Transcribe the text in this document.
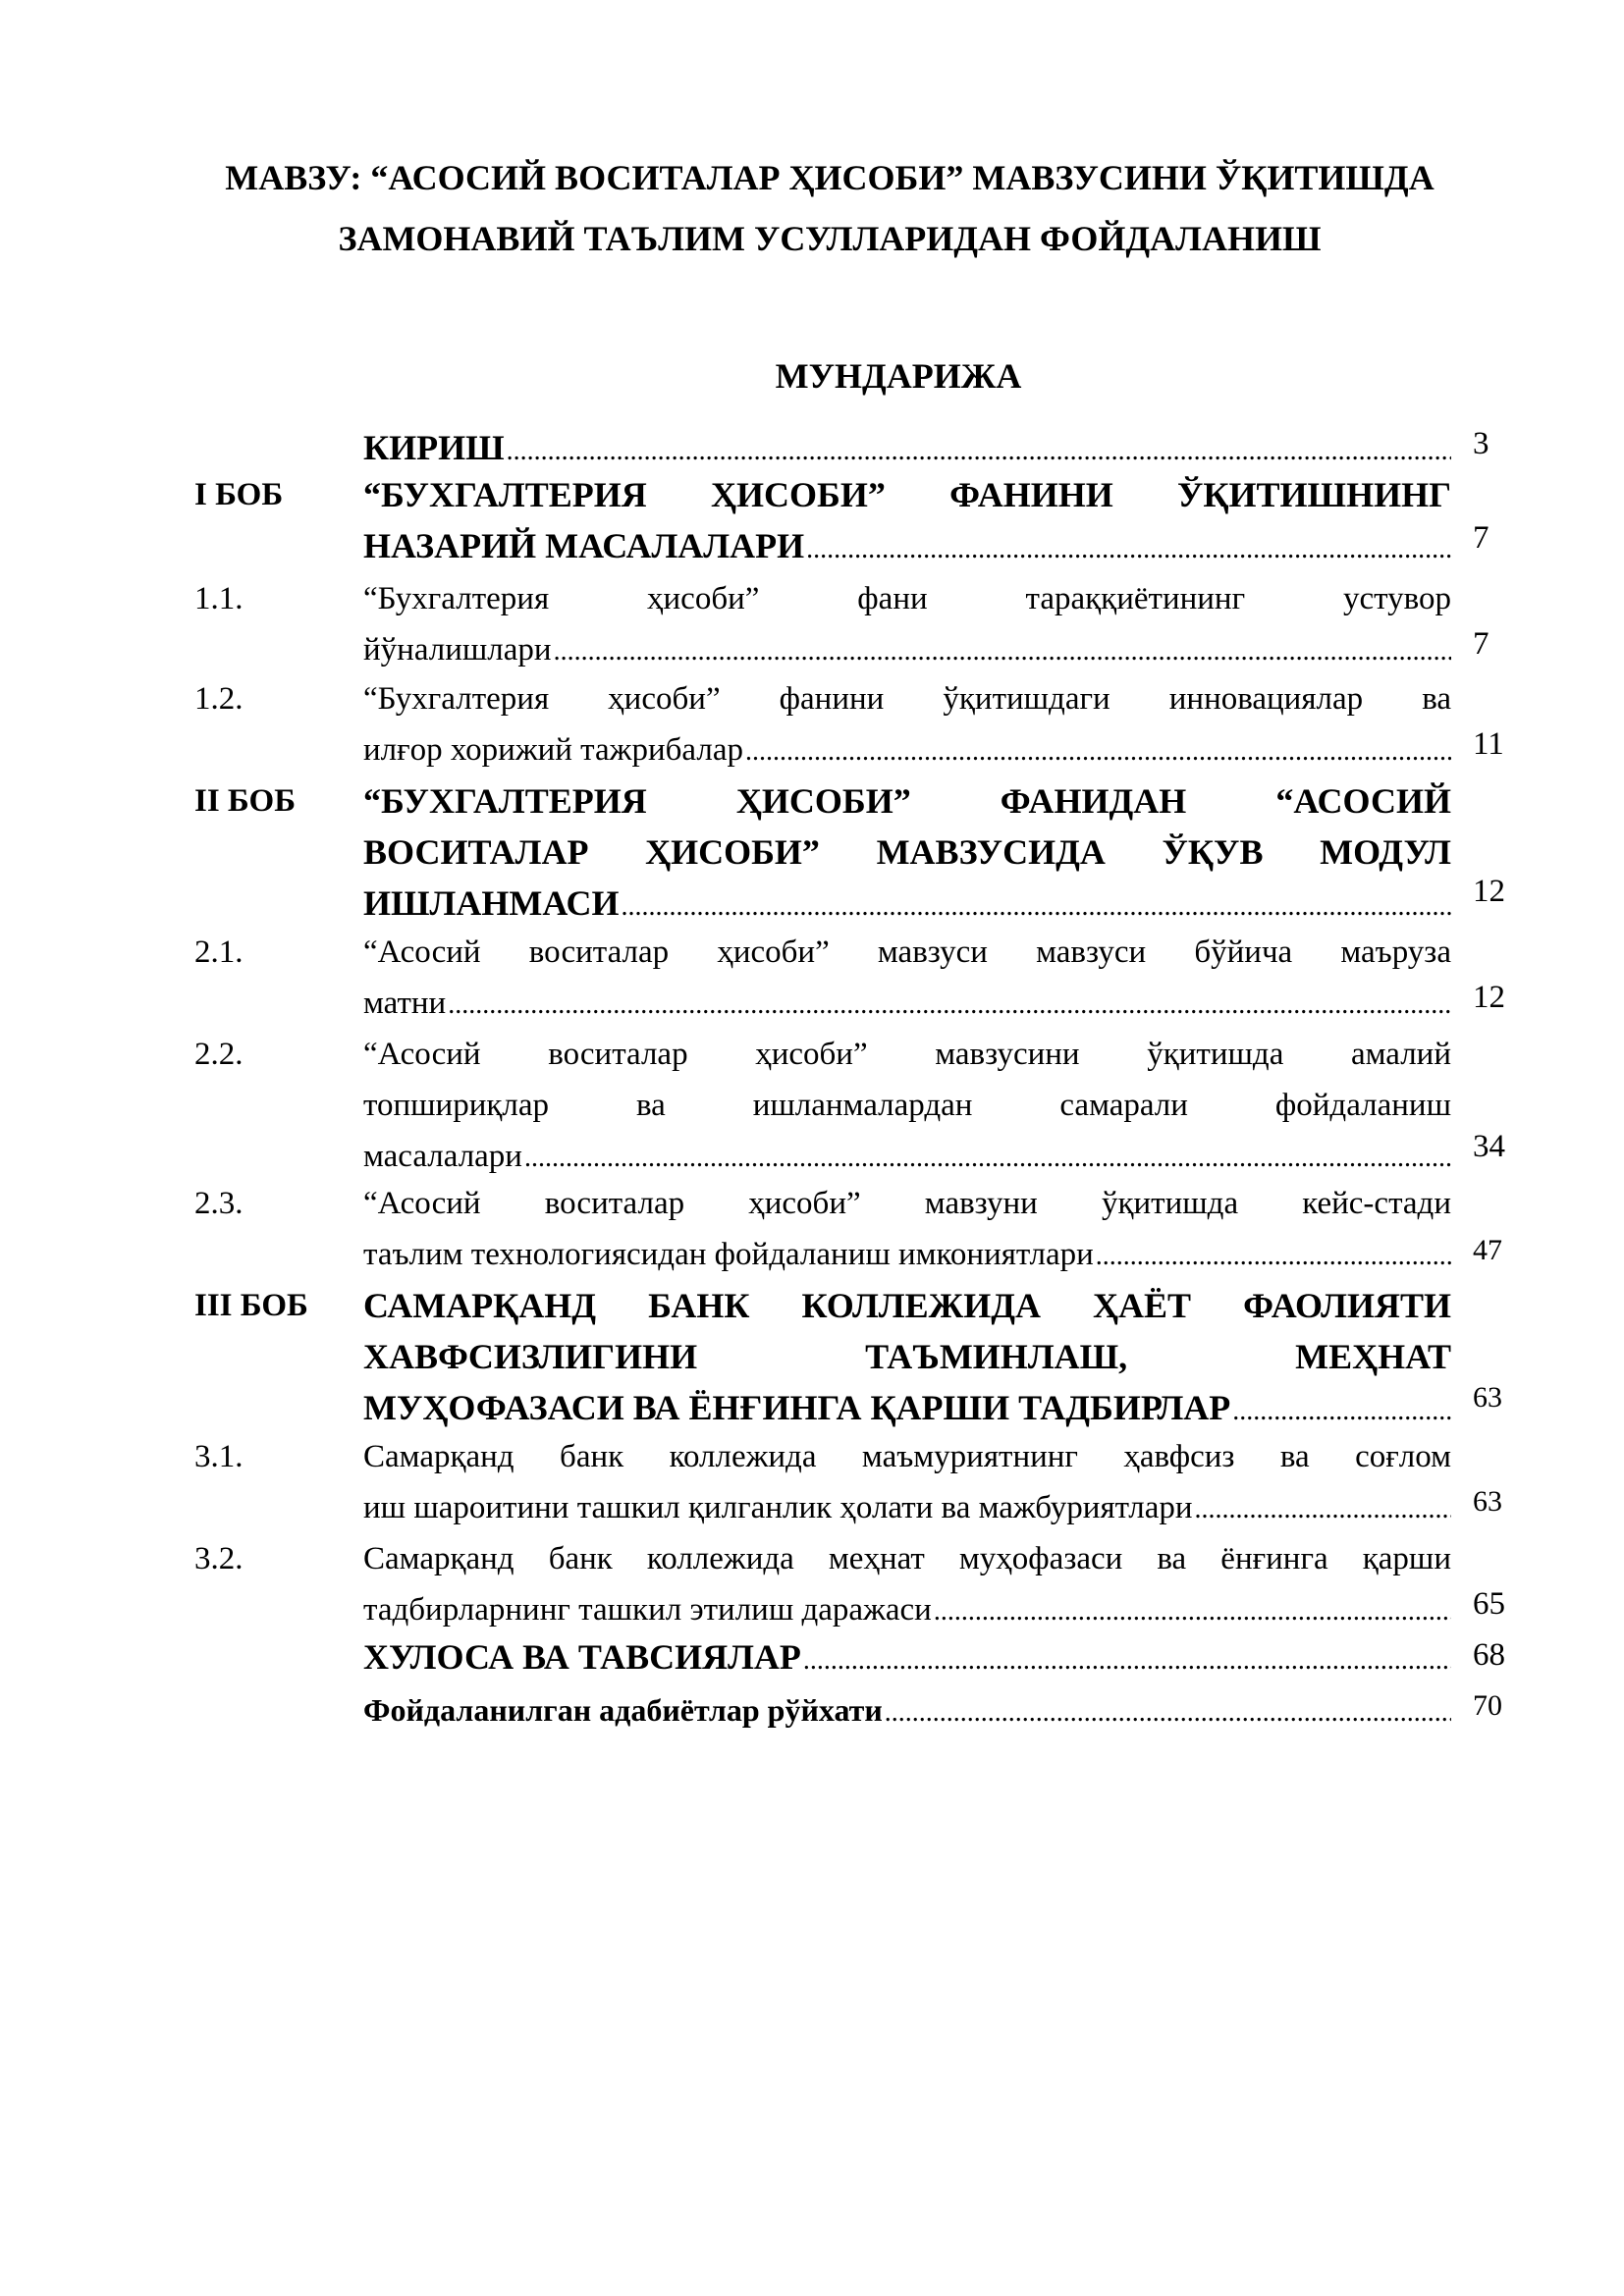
МАВЗУ: “АСОСИЙ ВОСИТАЛАР ҲИСОБИ” МАВЗУСИНИ ЎҚИТИШДА
ЗАМОНАВИЙ ТАЪЛИМ УСУЛЛАРИДАН ФОЙДАЛАНИШ
МУНДАРИЖА
КИРИШ .....	3
I БОБ “БУХГАЛТЕРИЯ ҲИСОБИ” ФАНИНИ ЎҚИТИШНИНГ
НАЗАРИЙ МАСАЛАЛАРИ .....	7
1.1.	“Бухгалтерия ҳисоби” фани тараққиётининг устувор
йўналишлари .....	7
1.2.	“Бухгалтерия ҳисоби” фанини ўқитишдаги инновациялар ва
илғор хорижий тажрибалар .....	11
II БОБ “БУХГАЛТЕРИЯ ҲИСОБИ” ФАНИДАН “АСОСИЙ
ВОСИТАЛАР ҲИСОБИ” МАВЗУСИДА ЎҚУВ МОДУЛ
ИШЛАНМАСИ .....	12
2.1.	“Асосий воситалар ҳисоби” мавзуси мавзуси бўйича маъруза
матни .....	12
2.2.	“Асосий воситалар ҳисоби” мавзусини ўқитишда амалий
топшириқлар ва ишланмалардан самарали фойдаланиш
масалалари .....	34
2.3.	“Асосий воситалар ҳисоби” мавзуни ўқитишда кейс-стади
таълим технологиясидан фойдаланиш имкониятлари .....	47
III БОБ САМАРҚАНД БАНК КОЛЛЕЖИДА ҲАЁТ ФАОЛИЯТИ
ХАВФСИЗЛИГИНИ ТАЪМИНЛАШ, МЕҲНАТ
МУҲОФАЗАСИ ВА ЁНҒИНГА ҚАРШИ ТАДБИРЛАР .....	63
3.1.	Самарқанд банк коллежида маъмуриятнинг ҳавфсиз ва соғлом
иш шароитини ташкил қилганлик ҳолати ва мажбуриятлари .....	63
3.2.	Самарқанд банк коллежида меҳнат муҳофазаси ва ёнғинга қарши
тадбирларнинг ташкил этилиш даражаси .....	65
ХУЛОСА ВА ТАВСИЯЛАР .....	68
Фойдаланилган адабиётлар рўйхати .....	70
